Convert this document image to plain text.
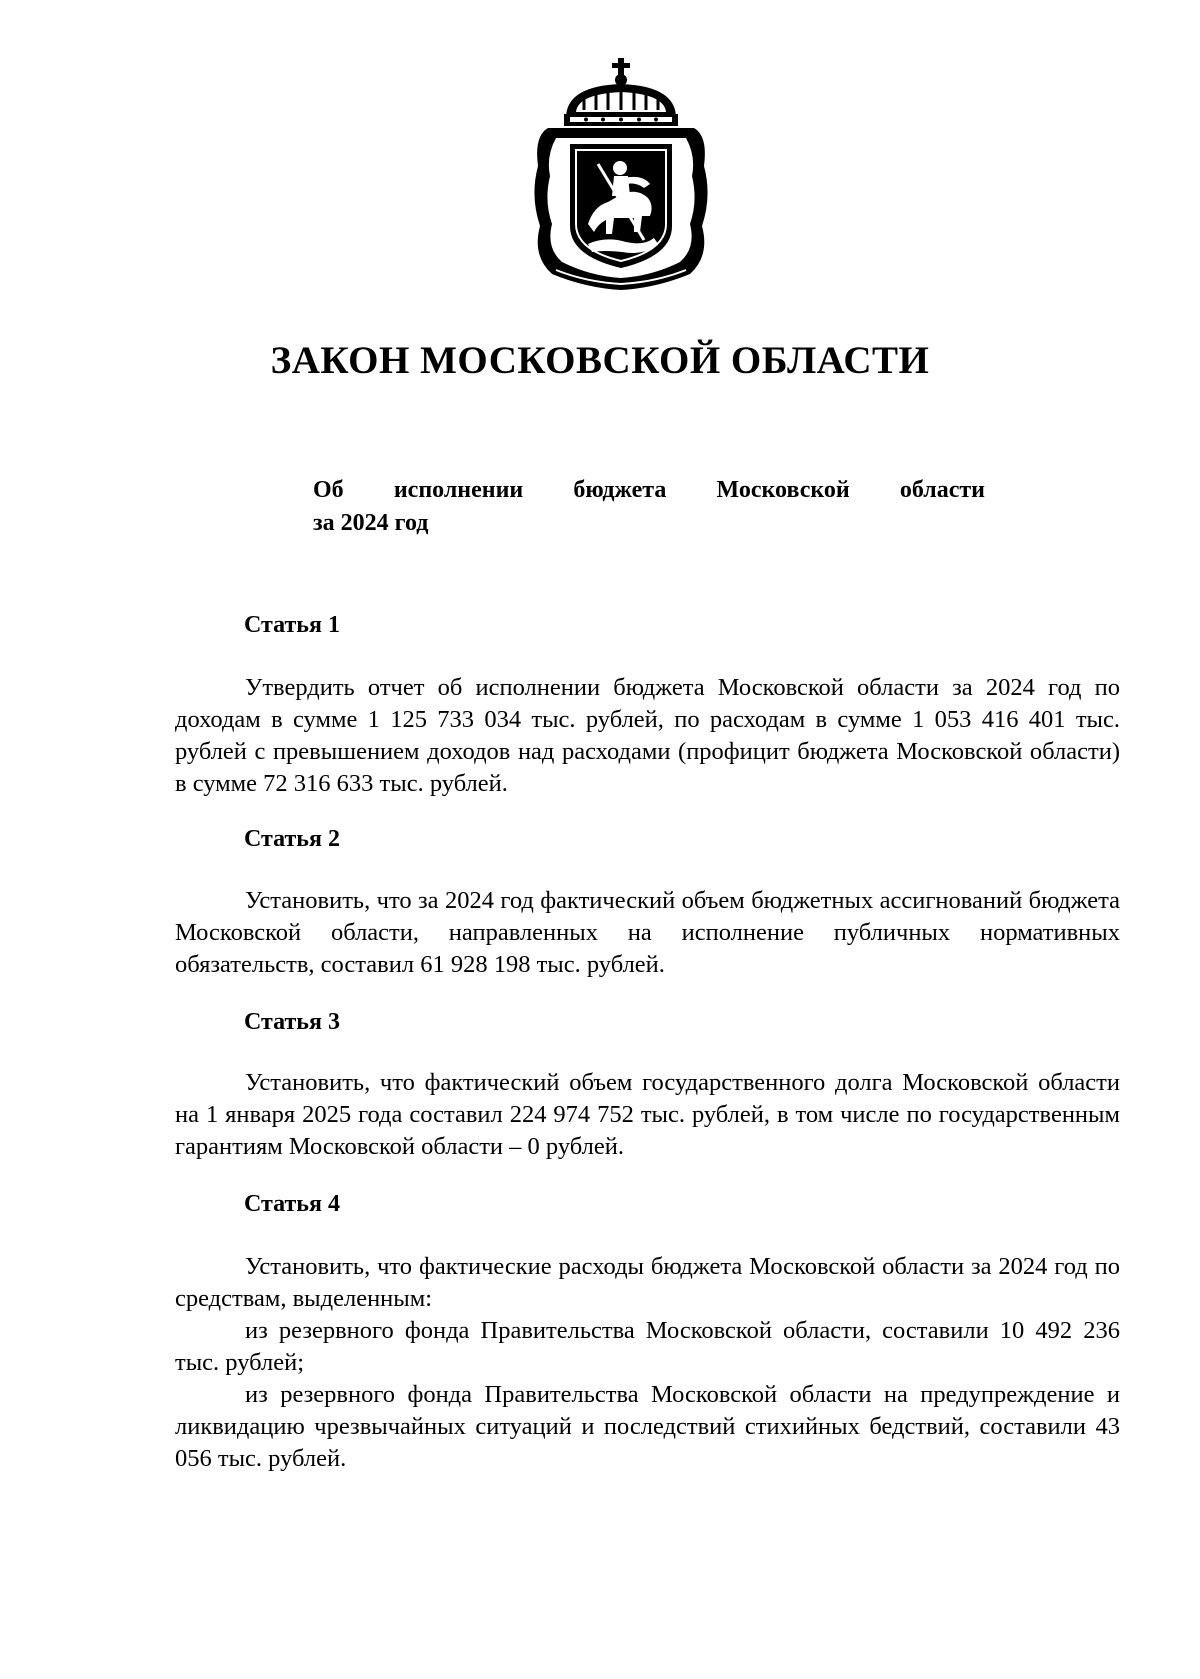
ЗАКОН МОСКОВСКОЙ ОБЛАСТИ
Об исполнении бюджета Московской области
за 2024 год
Статья 1

Утвердить отчет об исполнении бюджета Московской области за 2024 год по доходам в сумме 1 125 733 034 тыс. рублей, по расходам в сумме 1 053 416 401 тыс. рублей с превышением доходов над расходами (профицит бюджета Московской области) в сумме 72 316 633 тыс. рублей.

Статья 2

Установить, что за 2024 год фактический объем бюджетных ассигнований бюджета Московской области, направленных на исполнение публичных нормативных обязательств, составил 61 928 198 тыс. рублей.

Статья 3

Установить, что фактический объем государственного долга Московской области на 1 января 2025 года составил 224 974 752 тыс. рублей, в том числе по государственным гарантиям Московской области – 0 рублей.

Статья 4

Установить, что фактические расходы бюджета Московской области за 2024 год по средствам, выделенным:

из резервного фонда Правительства Московской области, составили 10 492 236 тыс. рублей;

из резервного фонда Правительства Московской области на предупреждение и ликвидацию чрезвычайных ситуаций и последствий стихийных бедствий, составили 43 056 тыс. рублей.
